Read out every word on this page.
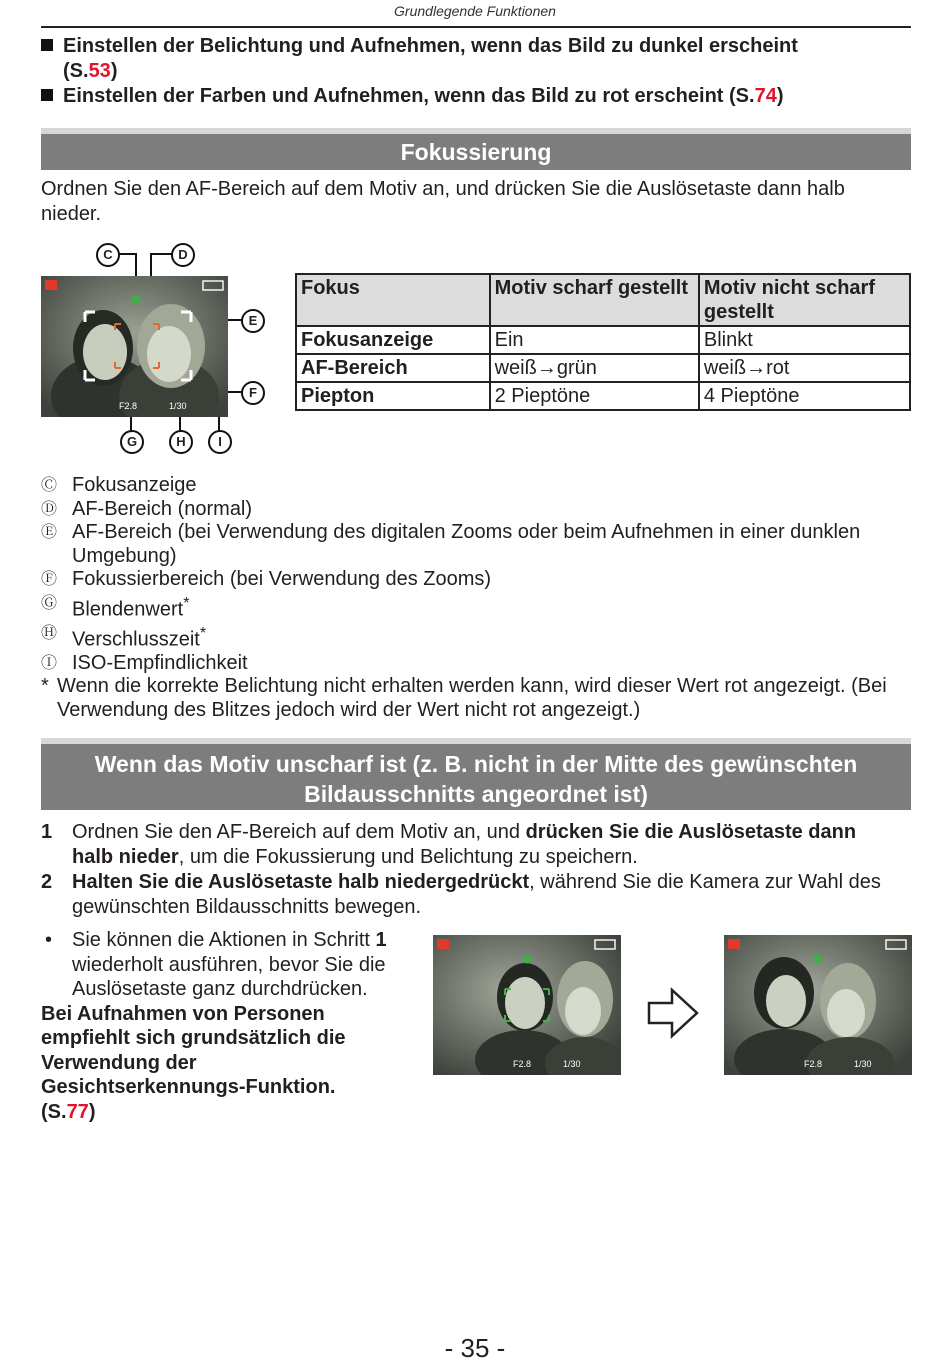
Grundlegende Funktionen
Einstellen der Belichtung und Aufnehmen, wenn das Bild zu dunkel erscheint
(S.53)
Einstellen der Farben und Aufnehmen, wenn das Bild zu rot erscheint (S.74)
Fokussierung
Ordnen Sie den AF-Bereich auf dem Motiv an, und drücken Sie die Auslösetaste dann halb nieder.
F2.8	1/30
C	D
E
F
G	H	I
Fokus	Motiv scharf gestellt	Motiv nicht scharf gestellt
Fokusanzeige	Ein	Blinkt
AF-Bereich	weiß→grün	weiß→rot
Piepton	2 Pieptöne	4 Pieptöne
Ⓒ Fokusanzeige
Ⓓ AF-Bereich (normal)
Ⓔ AF-Bereich (bei Verwendung des digitalen Zooms oder beim Aufnehmen in einer dunklen Umgebung)
Ⓕ Fokussierbereich (bei Verwendung des Zooms)
Ⓖ Blendenwert*
Ⓗ Verschlusszeit*
Ⓘ ISO-Empfindlichkeit
* Wenn die korrekte Belichtung nicht erhalten werden kann, wird dieser Wert rot angezeigt. (Bei Verwendung des Blitzes jedoch wird der Wert nicht rot angezeigt.)
Wenn das Motiv unscharf ist (z. B. nicht in der Mitte des gewünschten
Bildausschnitts angeordnet ist)
1 Ordnen Sie den AF-Bereich auf dem Motiv an, und drücken Sie die Auslösetaste dann halb nieder, um die Fokussierung und Belichtung zu speichern.
2 Halten Sie die Auslösetaste halb niedergedrückt, während Sie die Kamera zur Wahl des gewünschten Bildausschnitts bewegen.
• Sie können die Aktionen in Schritt 1 wiederholt ausführen, bevor Sie die Auslösetaste ganz durchdrücken.
Bei Aufnahmen von Personen empfiehlt sich grundsätzlich die Verwendung der Gesichtserkennungs-Funktion.
(S.77)
F2.8	1/30	F2.8	1/30
- 35 -
